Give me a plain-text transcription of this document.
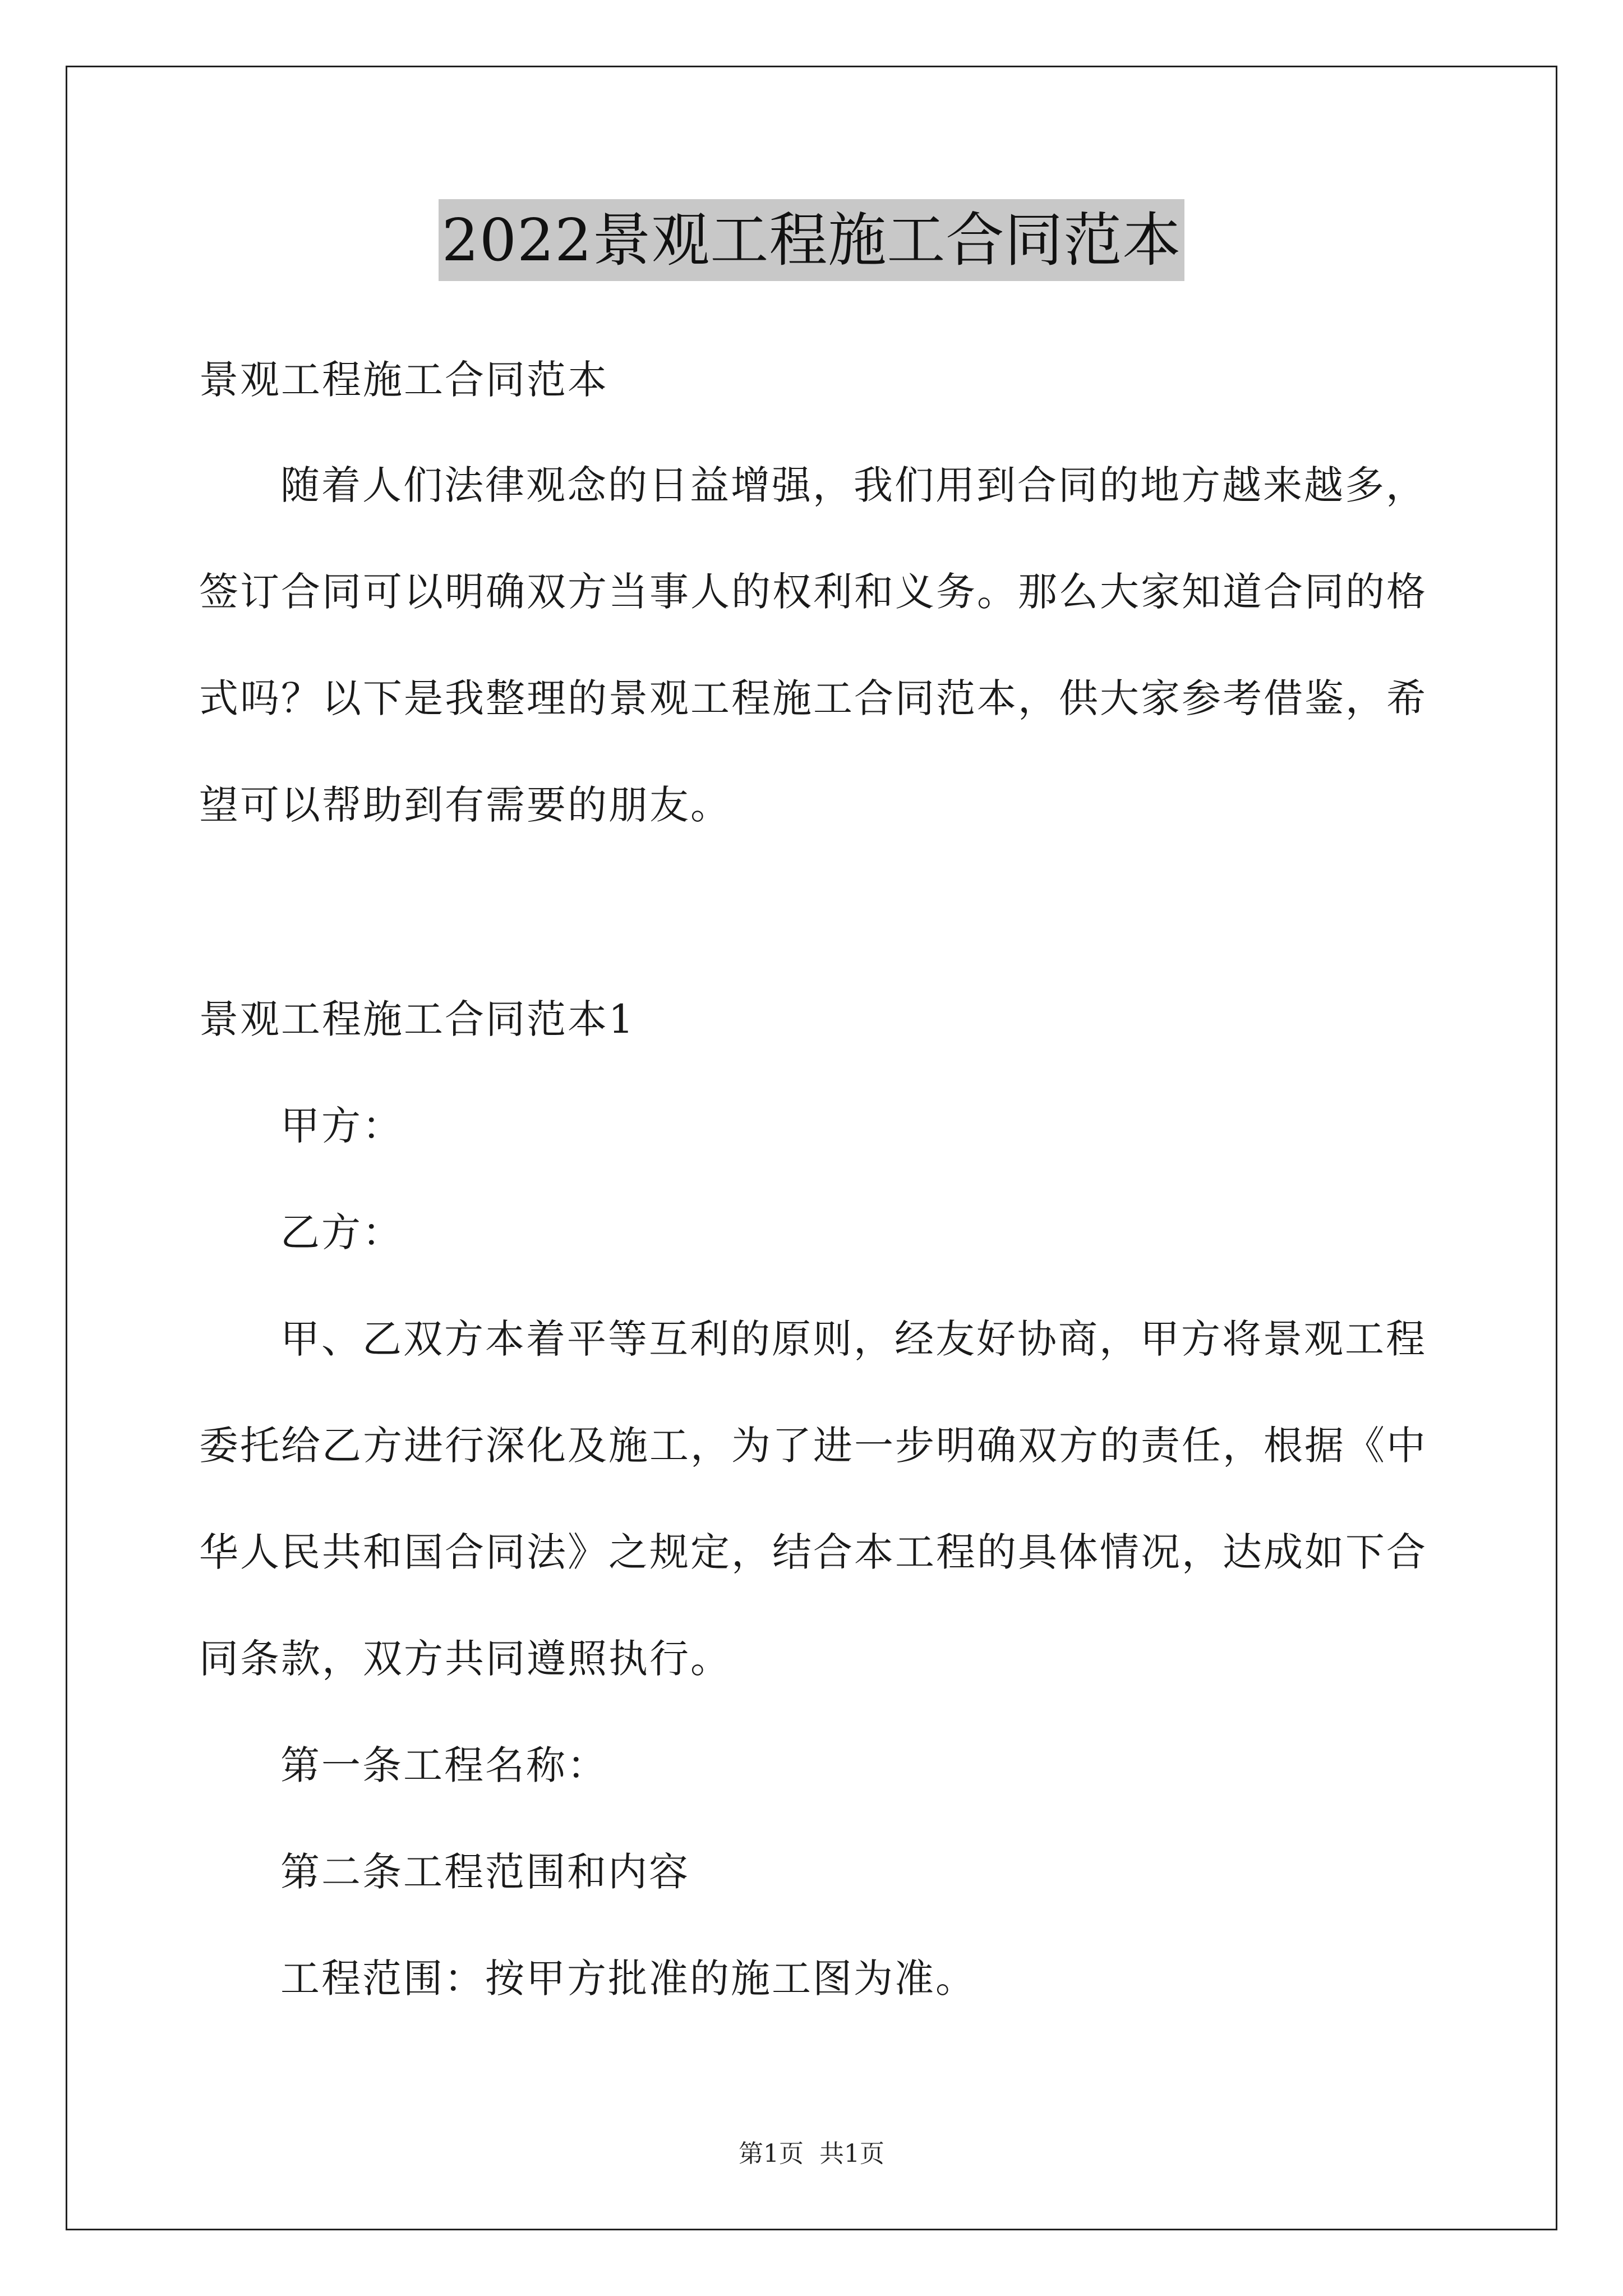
2022景观工程施工合同范本
景观工程施工合同范本
随着人们法律观念的日益增强，我们用到合同的地方越来越多，
签订合同可以明确双方当事人的权利和义务。那么大家知道合同的格
式吗？以下是我整理的景观工程施工合同范本，供大家参考借鉴，希
望可以帮助到有需要的朋友。
景观工程施工合同范本1
甲方：
乙方：
甲、乙双方本着平等互利的原则，经友好协商，甲方将景观工程
委托给乙方进行深化及施工，为了进一步明确双方的责任，根据《中
华人民共和国合同法》之规定，结合本工程的具体情况，达成如下合
同条款，双方共同遵照执行。
第一条工程名称：
第二条工程范围和内容
工程范围：按甲方批准的施工图为准。
第1页 共1页
